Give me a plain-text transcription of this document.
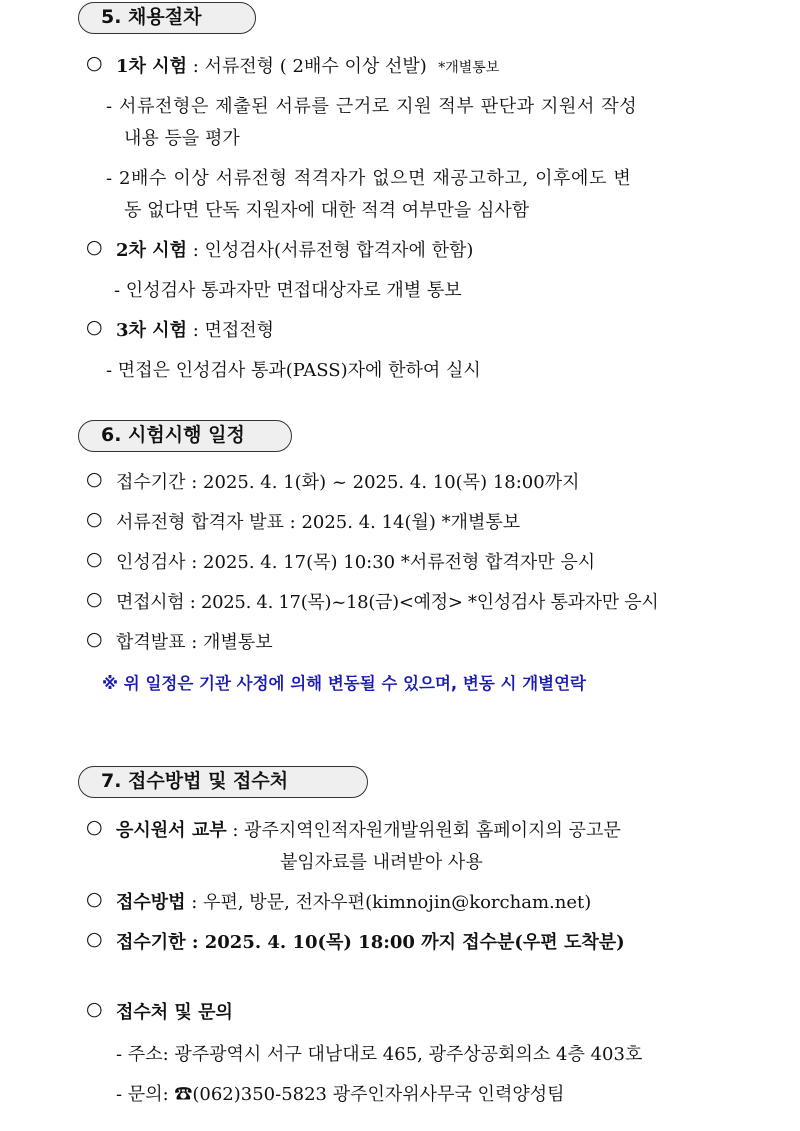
5. 채용절차
○ 1차 시험 : 서류전형 ( 2배수 이상 선발) *개별통보
- 서류전형은 제출된 서류를 근거로 지원 적부 판단과 지원서 작성
내용 등을 평가
- 2배수 이상 서류전형 적격자가 없으면 재공고하고, 이후에도 변
동 없다면 단독 지원자에 대한 적격 여부만을 심사함
○ 2차 시험 : 인성검사(서류전형 합격자에 한함)
- 인성검사 통과자만 면접대상자로 개별 통보
○ 3차 시험 : 면접전형
- 면접은 인성검사 통과(PASS)자에 한하여 실시
6. 시험시행 일정
○ 접수기간 : 2025. 4. 1(화) ~ 2025. 4. 10(목) 18:00까지
○ 서류전형 합격자 발표 : 2025. 4. 14(월) *개별통보
○ 인성검사 : 2025. 4. 17(목) 10:30 *서류전형 합격자만 응시
○ 면접시험 : 2025. 4. 17(목)~18(금)<예정> *인성검사 통과자만 응시
○ 합격발표 : 개별통보
※ 위 일정은 기관 사정에 의해 변동될 수 있으며, 변동 시 개별연락
7. 접수방법 및 접수처
○ 응시원서 교부 : 광주지역인적자원개발위원회 홈페이지의 공고문
붙임자료를 내려받아 사용
○ 접수방법 : 우편, 방문, 전자우편(kimnojin@korcham.net)
○ 접수기한 : 2025. 4. 10(목) 18:00 까지 접수분(우편 도착분)
○ 접수처 및 문의
- 주소: 광주광역시 서구 대남대로 465, 광주상공회의소 4층 403호
- 문의: ☎(062)350-5823 광주인자위사무국 인력양성팀
